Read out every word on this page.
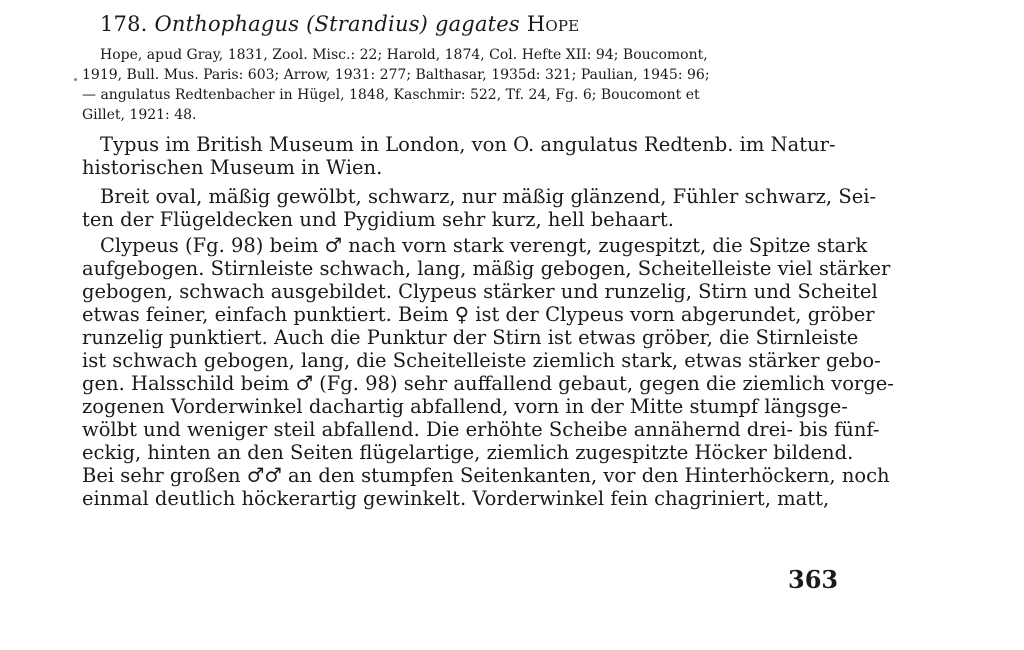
178. Onthophagus (Strandius) gagates Hope
Hope, apud Gray, 1831, Zool. Misc.: 22; Harold, 1874, Col. Hefte XII: 94; Boucomont,
1919, Bull. Mus. Paris: 603; Arrow, 1931: 277; Balthasar, 1935d: 321; Paulian, 1945: 96;
— angulatus Redtenbacher in Hügel, 1848, Kaschmir: 522, Tf. 24, Fg. 6; Boucomont et
Gillet, 1921: 48.
Typus im British Museum in London, von O. angulatus Redtenb. im Natur-
historischen Museum in Wien.
Breit oval, mäßig gewölbt, schwarz, nur mäßig glänzend, Fühler schwarz, Sei-
ten der Flügeldecken und Pygidium sehr kurz, hell behaart.
Clypeus (Fg. 98) beim ♂ nach vorn stark verengt, zugespitzt, die Spitze stark
aufgebogen. Stirnleiste schwach, lang, mäßig gebogen, Scheitelleiste viel stärker
gebogen, schwach ausgebildet. Clypeus stärker und runzelig, Stirn und Scheitel
etwas feiner, einfach punktiert. Beim ♀ ist der Clypeus vorn abgerundet, gröber
runzelig punktiert. Auch die Punktur der Stirn ist etwas gröber, die Stirnleiste
ist schwach gebogen, lang, die Scheitelleiste ziemlich stark, etwas stärker gebo-
gen. Halsschild beim ♂ (Fg. 98) sehr auffallend gebaut, gegen die ziemlich vorge-
zogenen Vorderwinkel dachartig abfallend, vorn in der Mitte stumpf längsge-
wölbt und weniger steil abfallend. Die erhöhte Scheibe annähernd drei- bis fünf-
eckig, hinten an den Seiten flügelartige, ziemlich zugespitzte Höcker bildend.
Bei sehr großen ♂♂ an den stumpfen Seitenkanten, vor den Hinterhöckern, noch
einmal deutlich höckerartig gewinkelt. Vorderwinkel fein chagriniert, matt,
363
